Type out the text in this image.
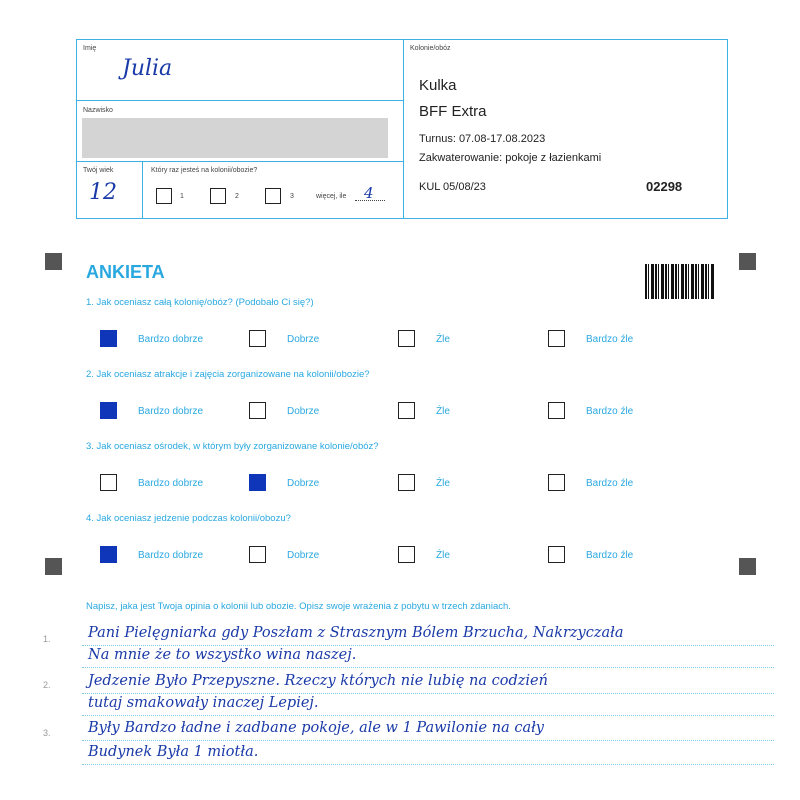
Imię
Julia
Nazwisko
Twój wiek
12
Który raz jesteś na kolonii/obozie?
1	2	3	więcej, ile 4
Kolonie/obóz
Kulka
BFF Extra
Turnus: 07.08-17.08.2023
Zakwaterowanie: pokoje z łazienkami
KUL 05/08/23	02298
ANKIETA
1. Jak oceniasz całą kolonię/obóz? (Podobało Ci się?)
Bardzo dobrze	Dobrze	Źle	Bardzo źle
2. Jak oceniasz atrakcje i zajęcia zorganizowane na kolonii/obozie?
Bardzo dobrze	Dobrze	Źle	Bardzo źle
3. Jak oceniasz ośrodek, w którym były zorganizowane kolonie/obóz?
Bardzo dobrze	Dobrze	Źle	Bardzo źle
4. Jak oceniasz jedzenie podczas kolonii/obozu?
Bardzo dobrze	Dobrze	Źle	Bardzo źle
Napisz, jaka jest Twoja opinia o kolonii lub obozie. Opisz swoje wrażenia z pobytu w trzech zdaniach.
Pani Pielęgniarka gdy Poszłam z Strasznym Bólem Brzucha, Nakrzyczała
Na mnie że to wszystko wina naszej.
Jedzenie Było Przepyszne. Rzeczy których nie lubię na codzień
tutaj smakowały inaczej Lepiej.
Były Bardzo ładne i zadbane pokoje, ale w 1 Pawilonie na cały
Budynek Była 1 miotła.
1.
2.
3.
